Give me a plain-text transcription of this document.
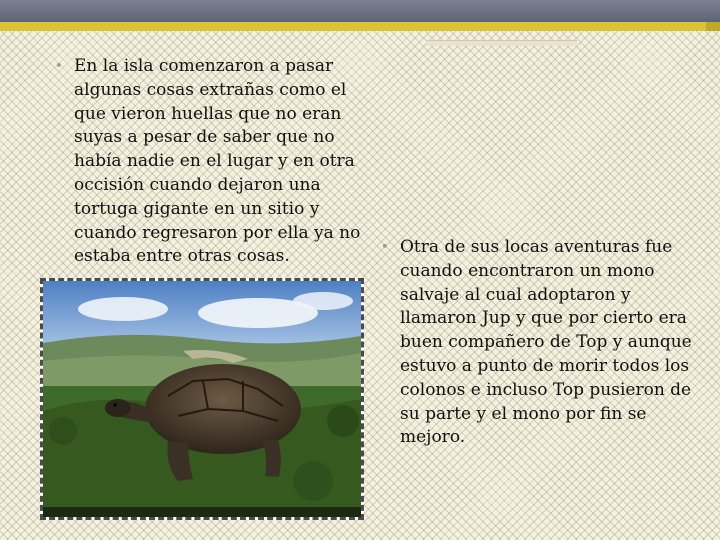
• En la isla comenzaron a pasar algunas cosas extrañas como el que vieron huellas que no eran suyas a pesar de saber que no había nadie en el lugar y en otra occisión cuando dejaron una tortuga gigante en un sitio y cuando regresaron por ella ya no estaba entre otras cosas.	• Otra de sus locas aventuras fue cuando encontraron un mono salvaje al cual adoptaron y llamaron Jup y que por cierto era buen compañero de Top y aunque estuvo a punto de morir todos los colonos e incluso Top pusieron de su parte y el mono por fin se mejoro.
